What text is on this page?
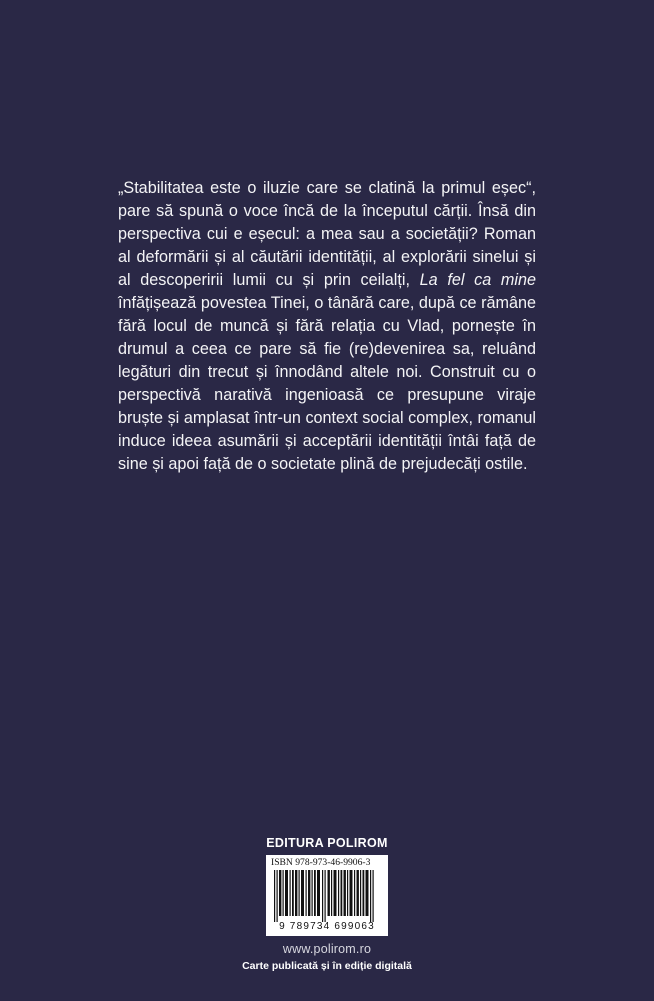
„Stabilitatea este o iluzie care se clatină la primul eșec“, pare să spună o voce încă de la începutul cărții. Însă din perspectiva cui e eșecul: a mea sau a societății? Roman al deformării și al căutării identității, al explorării sinelui și al descoperirii lumii cu și prin ceilalți, La fel ca mine înfățișează povestea Tinei, o tânără care, după ce rămâne fără locul de muncă și fără relația cu Vlad, pornește în drumul a ceea ce pare să fie (re)devenirea sa, reluând legături din trecut și înnodând altele noi. Construit cu o perspectivă narativă ingenioasă ce presupune viraje bruște și amplasat într-un context social complex, romanul induce ideea asumării și acceptării identității întâi față de sine și apoi față de o societate plină de prejudecăți ostile.

EDITURA POLIROM
ISBN 978-973-46-9906-3
9 789734 699063
www.polirom.ro
Carte publicată și în ediție digitală
